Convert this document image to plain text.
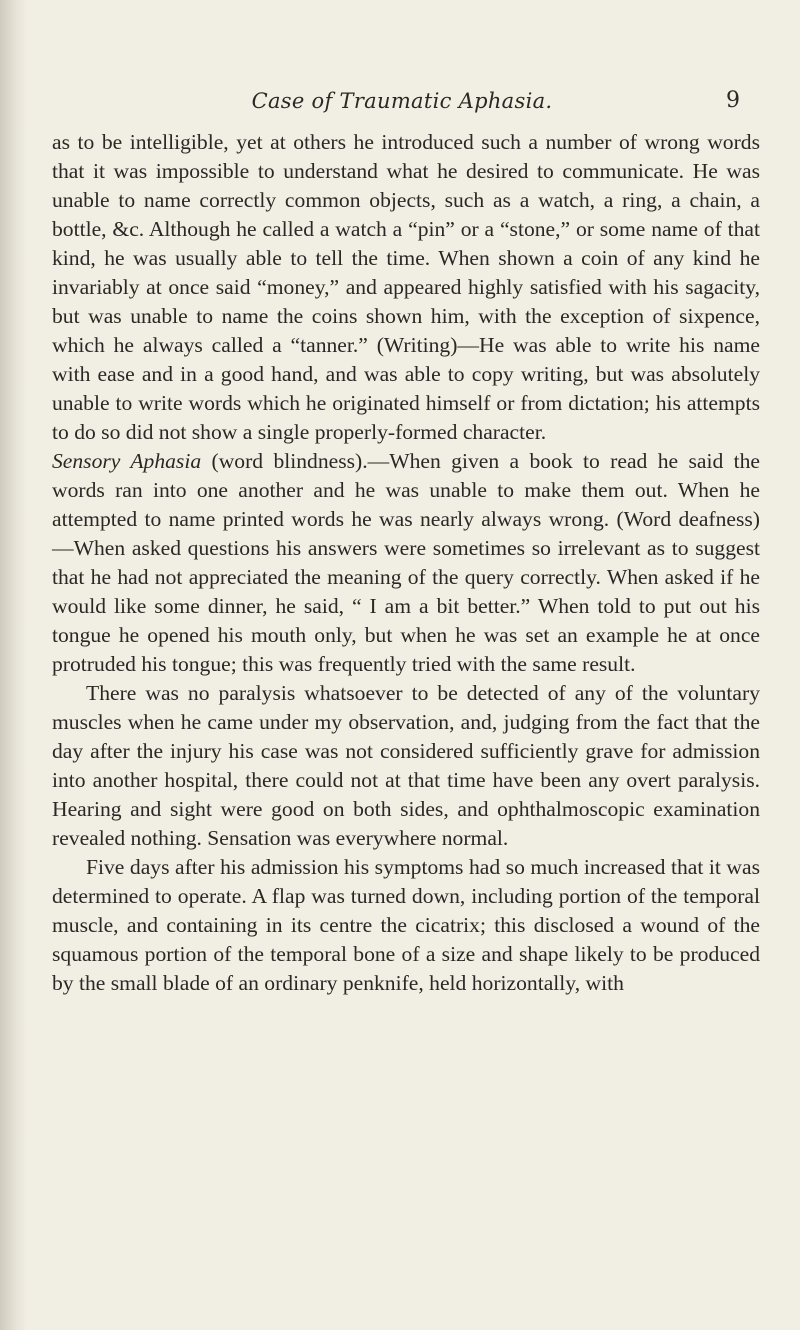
Case of Traumatic Aphasia.	9

as to be intelligible, yet at others he introduced such a number of wrong words that it was impossible to understand what he desired to communicate. He was unable to name correctly common objects, such as a watch, a ring, a chain, a bottle, &c. Although he called a watch a “pin” or a “stone,” or some name of that kind, he was usually able to tell the time. When shown a coin of any kind he invariably at once said “money,” and appeared highly satisfied with his sagacity, but was unable to name the coins shown him, with the exception of sixpence, which he always called a “tanner.” (Writing)—He was able to write his name with ease and in a good hand, and was able to copy writing, but was absolutely unable to write words which he originated himself or from dictation; his attempts to do so did not show a single properly-formed character.

Sensory Aphasia (word blindness).—When given a book to read he said the words ran into one another and he was unable to make them out. When he attempted to name printed words he was nearly always wrong. (Word deafness)—When asked questions his answers were sometimes so irrelevant as to suggest that he had not appreciated the meaning of the query correctly. When asked if he would like some dinner, he said, “ I am a bit better.” When told to put out his tongue he opened his mouth only, but when he was set an example he at once protruded his tongue; this was frequently tried with the same result.

There was no paralysis whatsoever to be detected of any of the voluntary muscles when he came under my observation, and, judging from the fact that the day after the injury his case was not considered sufficiently grave for admission into another hospital, there could not at that time have been any overt paralysis. Hearing and sight were good on both sides, and ophthalmoscopic examination revealed nothing. Sensation was everywhere normal.

Five days after his admission his symptoms had so much increased that it was determined to operate. A flap was turned down, including portion of the temporal muscle, and containing in its centre the cicatrix; this disclosed a wound of the squamous portion of the temporal bone of a size and shape likely to be produced by the small blade of an ordinary penknife, held horizontally, with
